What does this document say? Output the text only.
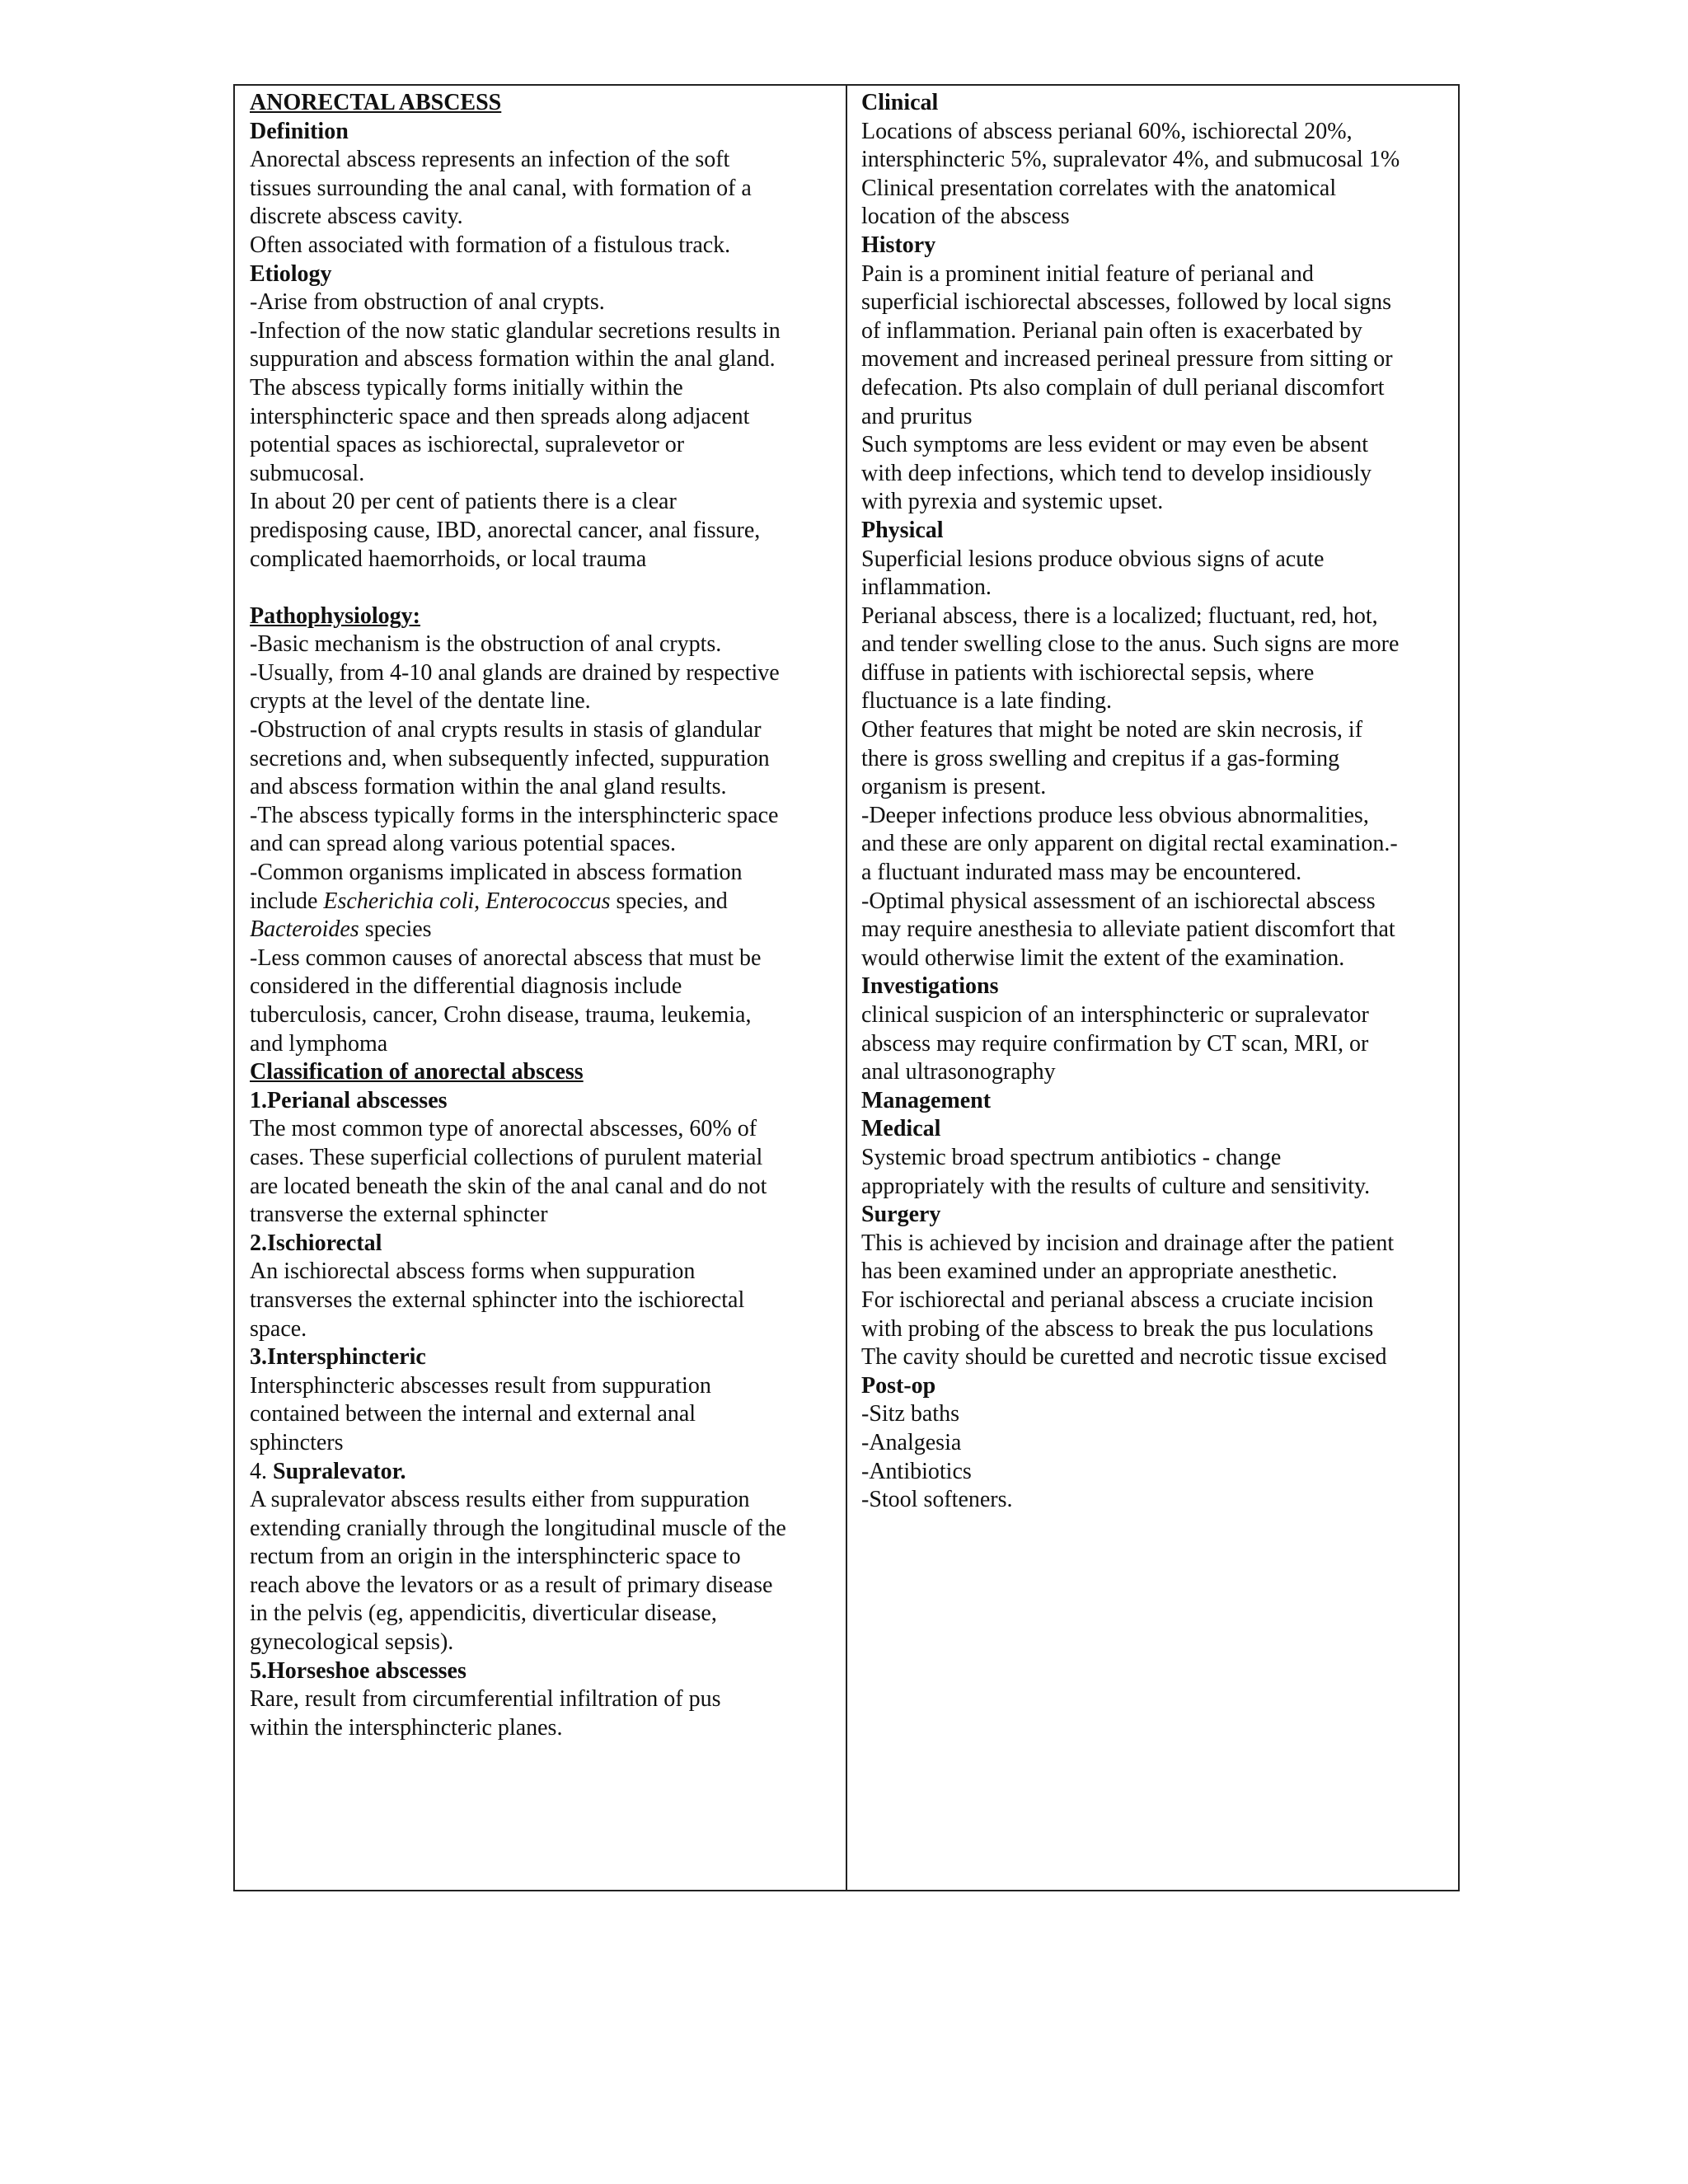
ANORECTAL ABSCESS
Definition
Anorectal abscess represents an infection of the soft
tissues surrounding the anal canal, with formation of a
discrete abscess cavity.
Often associated with formation of a fistulous track.
Etiology
-Arise from obstruction of anal crypts.
-Infection of the now static glandular secretions results in
suppuration and abscess formation within the anal gland.
The abscess typically forms initially within the
intersphincteric space and then spreads along adjacent
potential spaces as ischiorectal, supralevetor or
submucosal.
In about 20 per cent of patients there is a clear
predisposing cause, IBD, anorectal cancer, anal fissure,
complicated haemorrhoids, or local trauma
Pathophysiology:
-Basic mechanism is the obstruction of anal crypts.
-Usually, from 4-10 anal glands are drained by respective
crypts at the level of the dentate line.
-Obstruction of anal crypts results in stasis of glandular
secretions and, when subsequently infected, suppuration
and abscess formation within the anal gland results.
-The abscess typically forms in the intersphincteric space
and can spread along various potential spaces.
-Common organisms implicated in abscess formation
include Escherichia coli, Enterococcus species, and
Bacteroides species
-Less common causes of anorectal abscess that must be
considered in the differential diagnosis include
tuberculosis, cancer, Crohn disease, trauma, leukemia,
and lymphoma
Classification of anorectal abscess
1.Perianal abscesses
The most common type of anorectal abscesses, 60% of
cases. These superficial collections of purulent material
are located beneath the skin of the anal canal and do not
transverse the external sphincter
2.Ischiorectal
An ischiorectal abscess forms when suppuration
transverses the external sphincter into the ischiorectal
space.
3.Intersphincteric
Intersphincteric abscesses result from suppuration
contained between the internal and external anal
sphincters
4. Supralevator.
A supralevator abscess results either from suppuration
extending cranially through the longitudinal muscle of the
rectum from an origin in the intersphincteric space to
reach above the levators or as a result of primary disease
in the pelvis (eg, appendicitis, diverticular disease,
gynecological sepsis).
5.Horseshoe abscesses
Rare, result from circumferential infiltration of pus
within the intersphincteric planes.
Clinical
Locations of abscess perianal 60%, ischiorectal 20%,
intersphincteric 5%, supralevator 4%, and submucosal 1%
Clinical presentation correlates with the anatomical
location of the abscess
History
Pain is a prominent initial feature of perianal and
superficial ischiorectal abscesses, followed by local signs
of inflammation. Perianal pain often is exacerbated by
movement and increased perineal pressure from sitting or
defecation. Pts also complain of dull perianal discomfort
and pruritus
Such symptoms are less evident or may even be absent
with deep infections, which tend to develop insidiously
with pyrexia and systemic upset.
Physical
Superficial lesions produce obvious signs of acute
inflammation.
Perianal abscess, there is a localized; fluctuant, red, hot,
and tender swelling close to the anus. Such signs are more
diffuse in patients with ischiorectal sepsis, where
fluctuance is a late finding.
Other features that might be noted are skin necrosis, if
there is gross swelling and crepitus if a gas-forming
organism is present.
-Deeper infections produce less obvious abnormalities,
and these are only apparent on digital rectal examination.-
a fluctuant indurated mass may be encountered.
-Optimal physical assessment of an ischiorectal abscess
may require anesthesia to alleviate patient discomfort that
would otherwise limit the extent of the examination.
Investigations
clinical suspicion of an intersphincteric or supralevator
abscess may require confirmation by CT scan, MRI, or
anal ultrasonography
Management
Medical
Systemic broad spectrum antibiotics - change
appropriately with the results of culture and sensitivity.
Surgery
This is achieved by incision and drainage after the patient
has been examined under an appropriate anesthetic.
For ischiorectal and perianal abscess a cruciate incision
with probing of the abscess to break the pus loculations
The cavity should be curetted and necrotic tissue excised
Post-op
-Sitz baths
-Analgesia
-Antibiotics
-Stool softeners.
